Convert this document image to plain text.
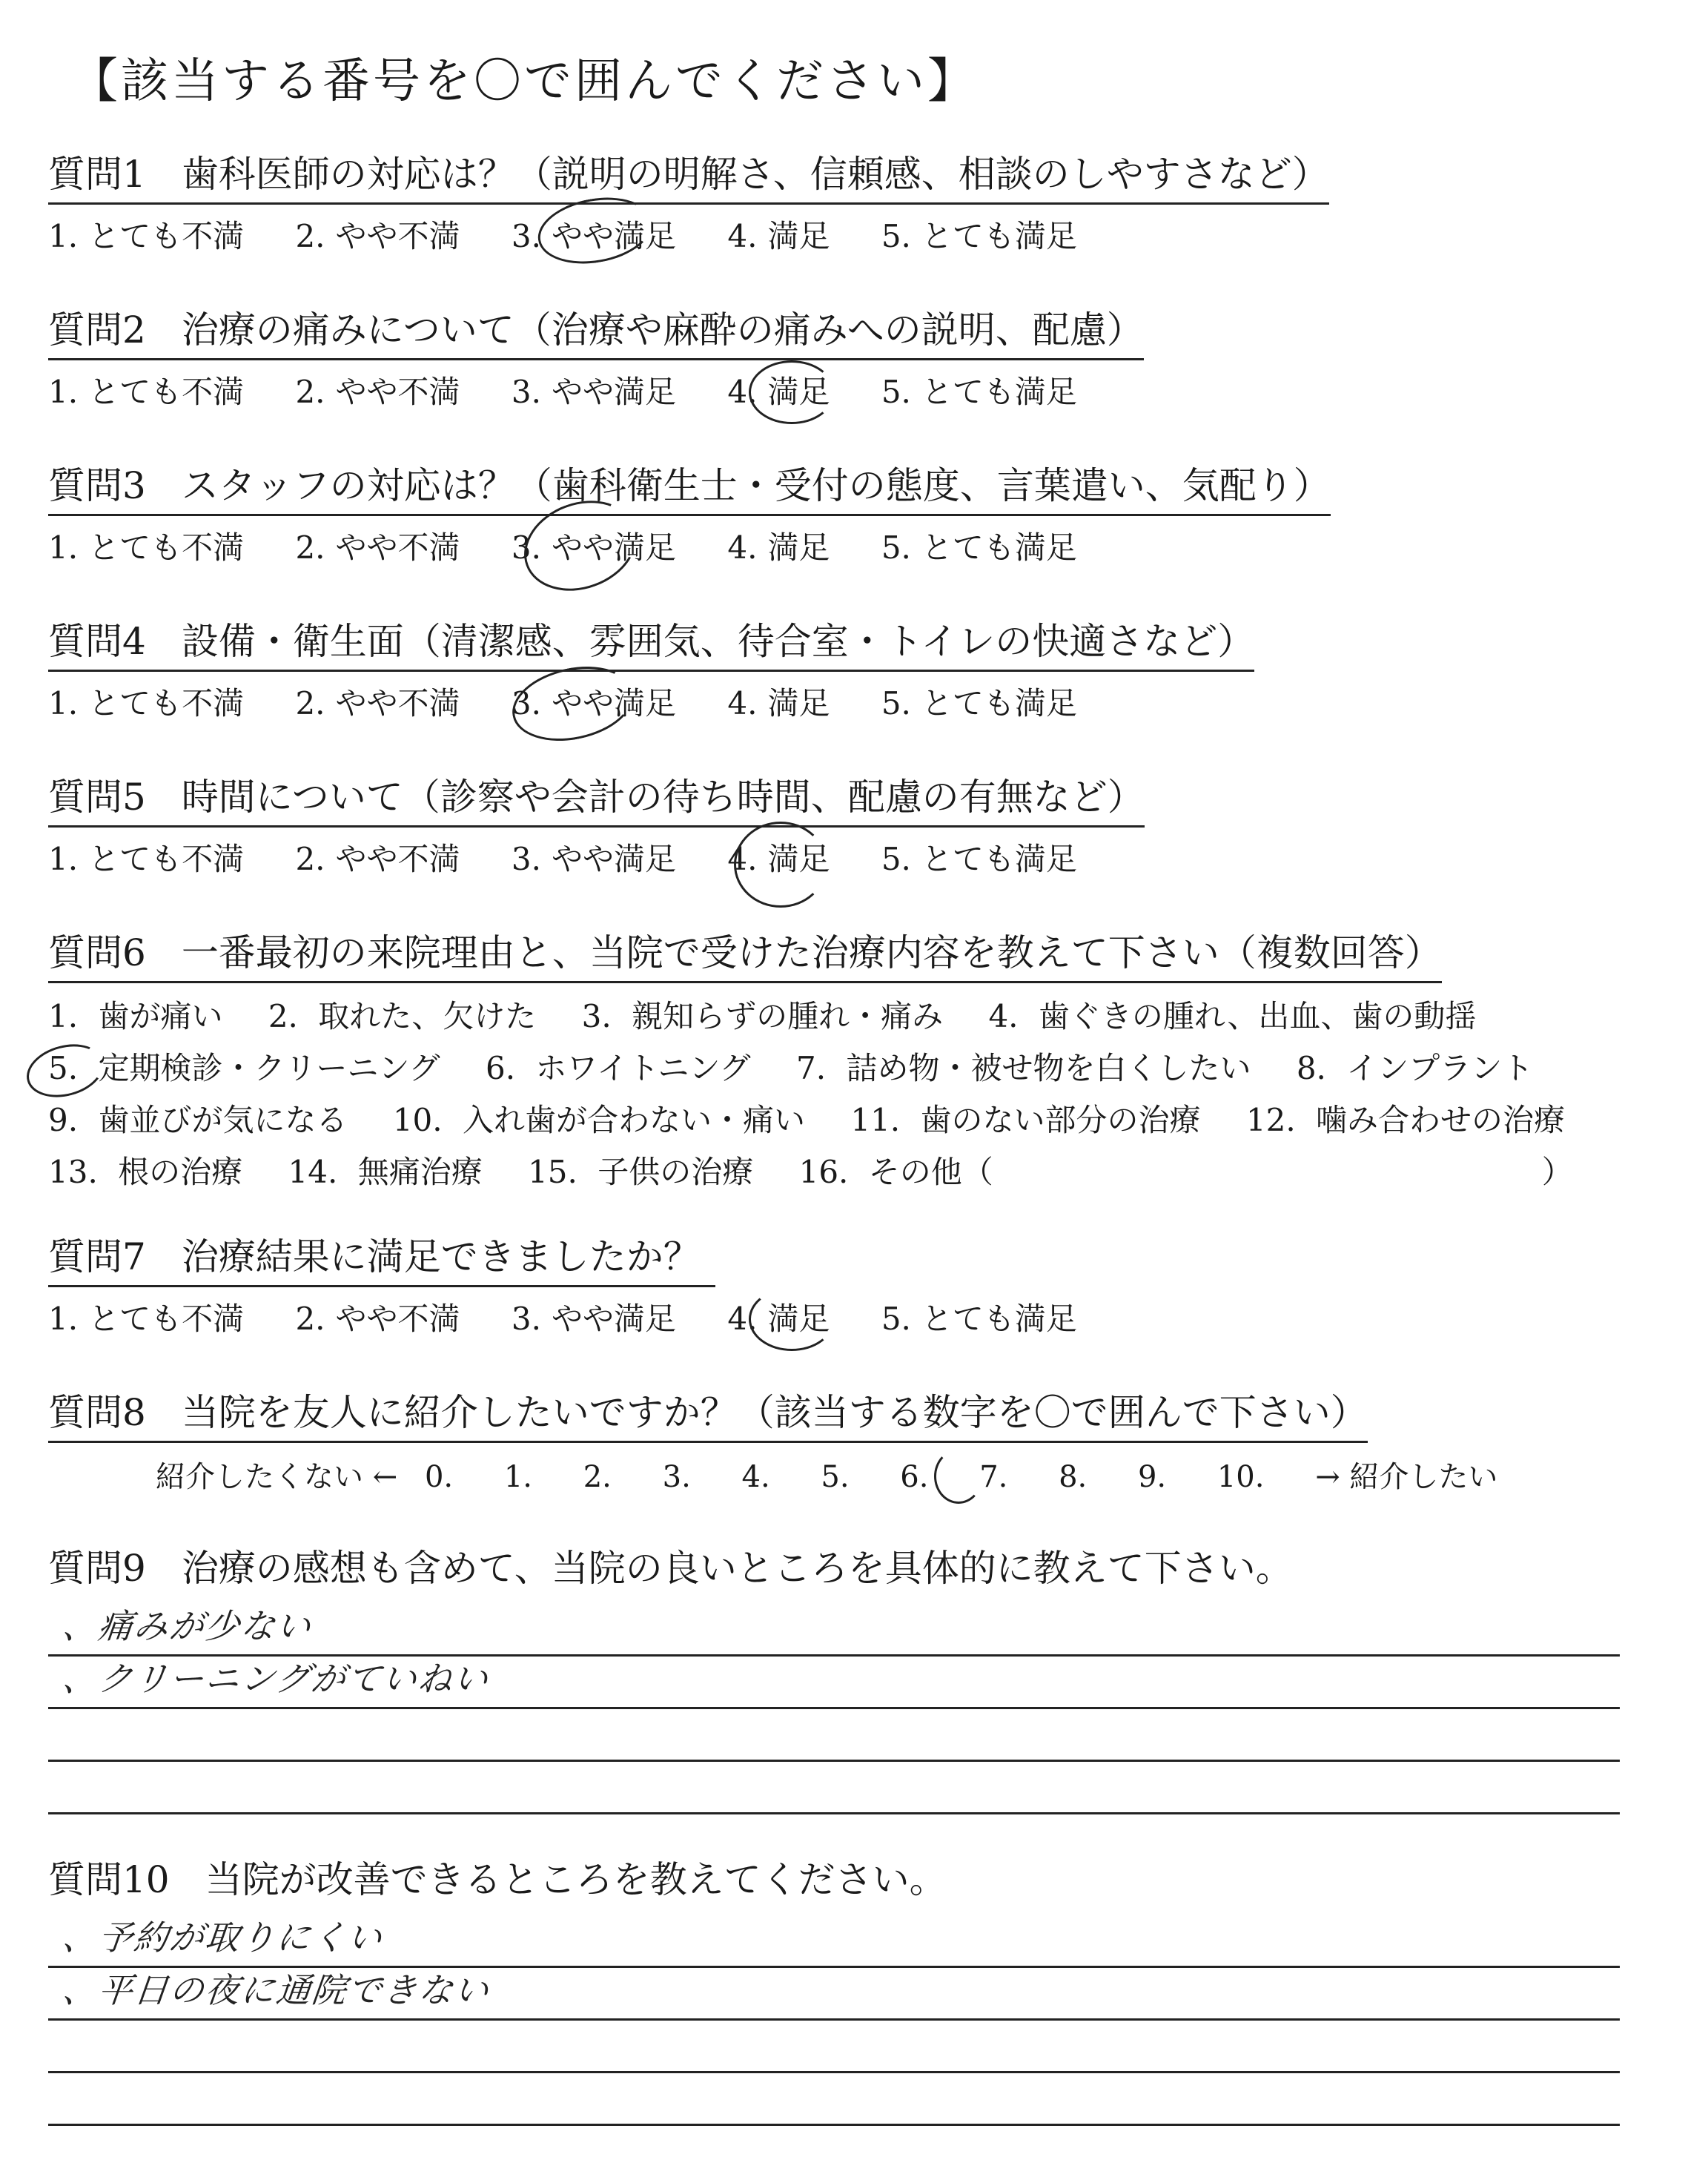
【該当する番号を〇で囲んでください】
質問1 歯科医師の対応は？（説明の明解さ、信頼感、相談のしやすさなど）
1. とても不満 2. やや不満 3. やや満足 4. 満足 5. とても満足
質問2 治療の痛みについて（治療や麻酔の痛みへの説明、配慮）
1. とても不満 2. やや不満 3. やや満足 4. 満足 5. とても満足
質問3 スタッフの対応は？（歯科衛生士・受付の態度、言葉遣い、気配り）
1. とても不満 2. やや不満 3. やや満足 4. 満足 5. とても満足
質問4 設備・衛生面（清潔感、雰囲気、待合室・トイレの快適さなど）
1. とても不満 2. やや不満 3. やや満足 4. 満足 5. とても満足
質問5 時間について（診察や会計の待ち時間、配慮の有無など）
1. とても不満 2. やや不満 3. やや満足 4. 満足 5. とても満足
質問6 一番最初の来院理由と、当院で受けた治療内容を教えて下さい（複数回答）
1. 歯が痛い 2. 取れた、欠けた 3. 親知らずの腫れ・痛み 4. 歯ぐきの腫れ、出血、歯の動揺
5. 定期検診・クリーニング 6. ホワイトニング 7. 詰め物・被せ物を白くしたい 8. インプラント
9. 歯並びが気になる 10. 入れ歯が合わない・痛い 11. 歯のない部分の治療 12. 噛み合わせの治療
13. 根の治療 14. 無痛治療 15. 子供の治療 16. その他（	）
質問7 治療結果に満足できましたか？
1. とても不満 2. やや不満 3. やや満足 4. 満足 5. とても満足
質問8 当院を友人に紹介したいですか？（該当する数字を〇で囲んで下さい）
紹介したくない ← 0. 1. 2. 3. 4. 5. 6. 7. 8. 9. 10. → 紹介したい
質問9 治療の感想も含めて、当院の良いところを具体的に教えて下さい。
、痛みが少ない
、クリーニングがていねい
質問10 当院が改善できるところを教えてください。
、予約が取りにくい
、平日の夜に通院できない
